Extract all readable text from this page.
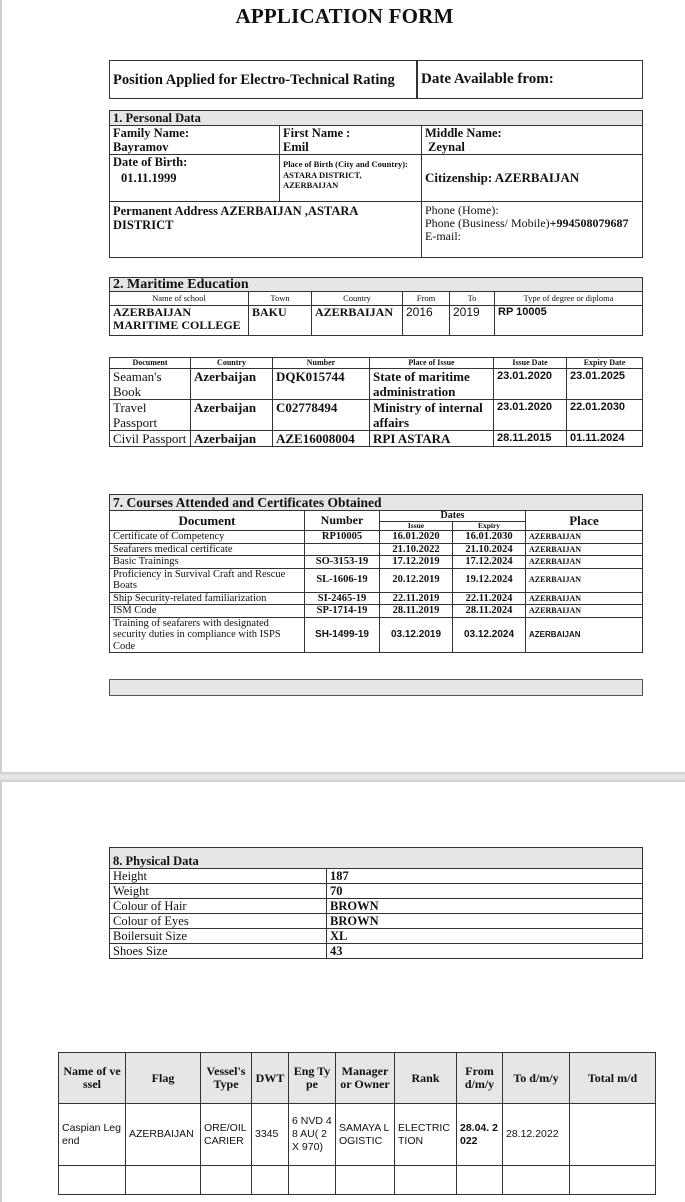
APPLICATION FORM
Position Applied for Electro-Technical Rating	Date Available from:
1. Personal Data		

Family Name:
Bayramov

First Name :
Emil

Middle Name:
Zeynal

Date of Birth:
01.11.1999	Place of Birth (City and Country): ASTARA DISTRICT, AZERBAIJAN	Citizenship: AZERBAIJAN
Permanent Address AZERBAIJAN ,ASTARA DISTRICT		Phone (Home):
Phone (Business/ Mobile)+994508079687
E-mail:
2. Maritime Education					
Name of school	Town	Country	From	To	Type of degree or diploma
AZERBAIJAN MARITIME COLLEGE	BAKU	AZERBAIJAN	2016	2019	RP 10005
Document	Country	Number	Place of Issue	Issue Date	Expiry Date
Seaman's Book	Azerbaijan	DQK015744	State of maritime administration	23.01.2020	23.01.2025
Travel Passport	Azerbaijan	C02778494	Ministry of internal affairs	23.01.2020	22.01.2030
Civil Passport	Azerbaijan	AZE16008004	RPI ASTARA	28.11.2015	01.11.2024
7. Courses Attended and Certificates Obtained				
Document	Number	Dates		Place
		Issue	Expiry	
Certificate of Competency	RP10005	16.01.2020	16.01.2030	AZERBAIJAN
Seafarers medical certificate		21.10.2022	21.10.2024	AZERBAIJAN
Basic Trainings	SO-3153-19	17.12.2019	17.12.2024	AZERBAIJAN
Proficiency in Survival Craft and Rescue Boats	SL-1606-19	20.12.2019	19.12.2024	AZERBAIJAN
Ship Security-related familiarization	SI-2465-19	22.11.2019	22.11.2024	AZERBAIJAN
ISM Code	SP-1714-19	28.11.2019	28.11.2024	AZERBAIJAN
Training of seafarers with designated security duties in compliance with ISPS Code	SH-1499-19	03.12.2019	03.12.2024	AZERBAIJAN
8. Physical Data	
Height	187
Weight	70
Colour of Hair	BROWN
Colour of Eyes	BROWN
Boilersuit Size	XL
Shoes Size	43
Name of vessel	Flag	Vessel's Type	DWT	Eng Type	Manager or Owner	Rank	From d/m/y	To d/m/y	Total m/d
Caspian Legend	AZERBAIJAN	ORE/OIL CARIER	3345	6 NVD 48 AU( 2 X 970)	SAMAYA LOGISTIC	ELECTRICTION	28.04. 2022	28.12.2022	
